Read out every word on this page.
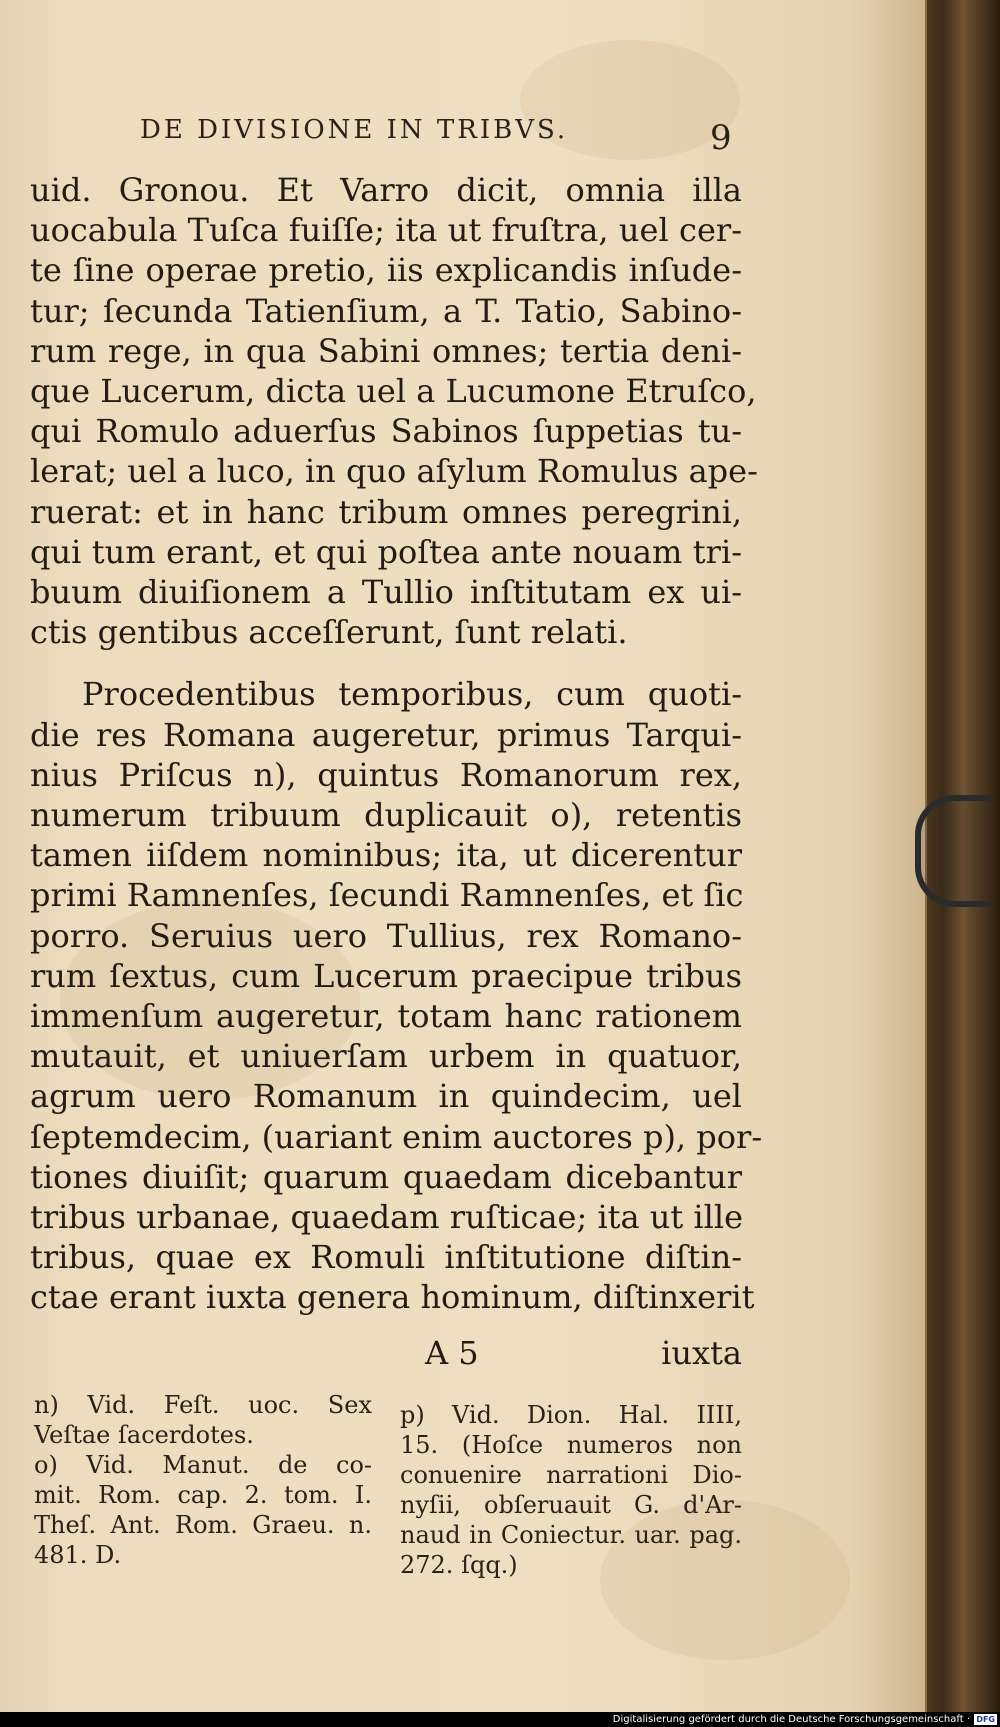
DE DIVISIONE IN TRIBVS.	9
uid. Gronou. Et Varro dicit, omnia illa
uocabula Tuſca fuiſſe; ita ut fruſtra, uel cer-
te ſine operae pretio, iis explicandis inſude-
tur; ſecunda Tatienſium, a T. Tatio, Sabino-
rum rege, in qua Sabini omnes; tertia deni-
que Lucerum, dicta uel a Lucumone Etruſco,
qui Romulo aduerſus Sabinos ſuppetias tu-
lerat; uel a luco, in quo aſylum Romulus ape-
ruerat: et in hanc tribum omnes peregrini,
qui tum erant, et qui poſtea ante nouam tri-
buum diuiſionem a Tullio inſtitutam ex ui-
ctis gentibus acceſſerunt, ſunt relati.
Procedentibus temporibus, cum quoti-
die res Romana augeretur, primus Tarqui-
nius Priſcus n), quintus Romanorum rex,
numerum tribuum duplicauit o), retentis
tamen iiſdem nominibus; ita, ut dicerentur
primi Ramnenſes, ſecundi Ramnenſes, et ſic
porro. Seruius uero Tullius, rex Romano-
rum ſextus, cum Lucerum praecipue tribus
immenſum augeretur, totam hanc rationem
mutauit, et uniuerſam urbem in quatuor,
agrum uero Romanum in quindecim, uel
ſeptemdecim, (uariant enim auctores p), por-
tiones diuiſit; quarum quaedam dicebantur
tribus urbanae, quaedam ruſticae; ita ut ille
tribus, quae ex Romuli inſtitutione diſtin-
ctae erant iuxta genera hominum, diſtinxerit
A 5	iuxta
n) Vid. Feſt. uoc. Sex
Veſtae ſacerdotes.
o) Vid. Manut. de co-
mit. Rom. cap. 2. tom. I.
Theſ. Ant. Rom. Graeu. n.
481. D.
p) Vid. Dion. Hal. IIII,
15. (Hoſce numeros non
conuenire narrationi Dio-
nyſii, obſeruauit G. d'Ar-
naud in Coniectur. uar. pag.
272. ſqq.)
Digitalisierung gefördert durch die Deutsche Forschungsgemeinschaft · DFG
